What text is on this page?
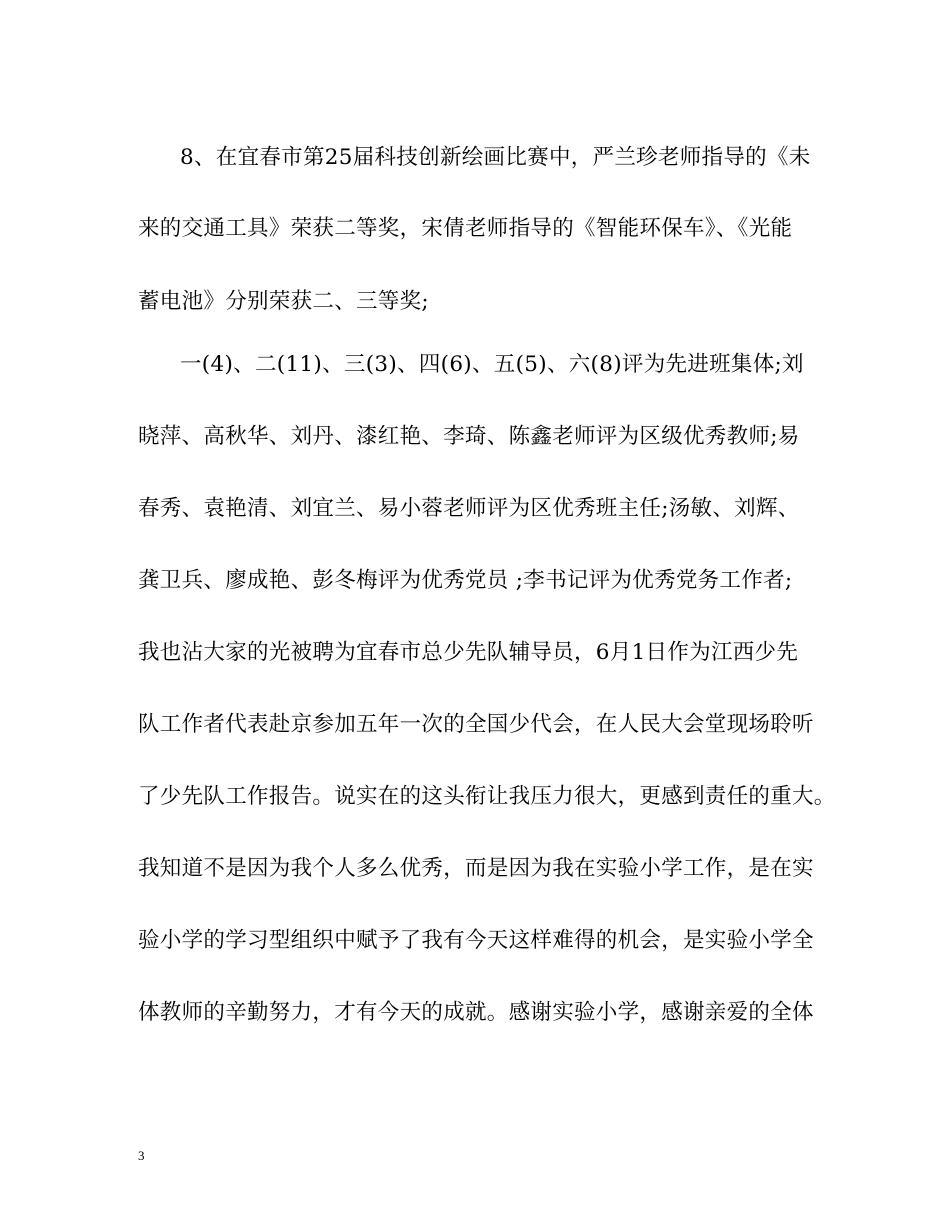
8、在宜春市第25届科技创新绘画比赛中，严兰珍老师指导的《未
来的交通工具》荣获二等奖，宋倩老师指导的《智能环保车》、《光能
蓄电池》分别荣获二、三等奖;
一(4)、二(11)、三(3)、四(6)、五(5)、六(8)评为先进班集体;刘
晓萍、高秋华、刘丹、漆红艳、李琦、陈鑫老师评为区级优秀教师;易
春秀、袁艳清、刘宜兰、易小蓉老师评为区优秀班主任;汤敏、刘辉、
龚卫兵、廖成艳、彭冬梅评为优秀党员 ;李书记评为优秀党务工作者;
我也沾大家的光被聘为宜春市总少先队辅导员，6月1日作为江西少先
队工作者代表赴京参加五年一次的全国少代会，在人民大会堂现场聆听
了少先队工作报告。说实在的这头衔让我压力很大，更感到责任的重大。
我知道不是因为我个人多么优秀，而是因为我在实验小学工作，是在实
验小学的学习型组织中赋予了我有今天这样难得的机会，是实验小学全
体教师的辛勤努力，才有今天的成就。感谢实验小学，感谢亲爱的全体
3
